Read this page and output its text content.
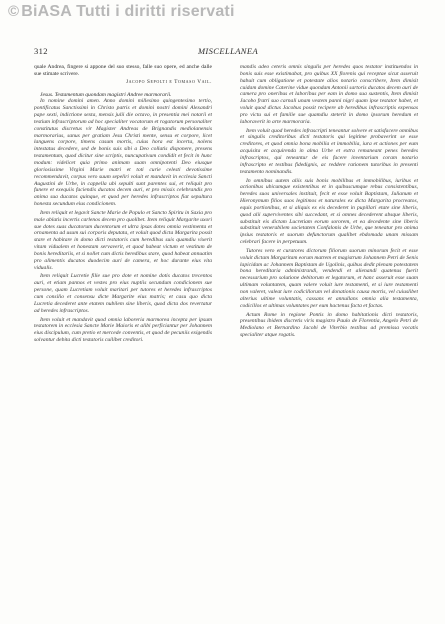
© BiASA Tutti i diritti riservati
312	MISCELLANEA

quale Andrea, fingere si appone del suo stesso, falle suo opere, ed anche dalle sue stimate scrivere.

Jacopo Sepolti e Tomaso Vail.

Jesus. Testamentum quondam magistri Andree marmorarii.

In nomine domini amen. Anno domini millesimo quingentesimo tertio, pontificatus Sanctissimi in Christo patris et domini nostri domini Alexandri pape sexti, indictione sexta, mensis julii die octavo, in presentia mei notarii et testium infrascriptorum ad hoc specialiter vocatorum et rogatorum personaliter constitutus discretus vir Magister Andreas de Brignandis mediolanensis marmorarius, sanus per gratiam Jesu Christi mente, sensu et corpore, licet languens corpore, timens casum mortis, cuius hora est incerta, nolens intestatus decedere, sed de bonis suis sibi a Deo collatis disponere, presens testamentum, quod dicitur sine scriptis, nuncupativum condidit et fecit in hunc modum: videlicet quia primo animam suam omnipotenti Deo eiusque gloriosissime Virgini Marie matri et toti curie celesti devotissime recommendavit, corpus vero suum sepeliri voluit et mandavit in ecclesia Sancti Augustini de Urbe, in cappella ubi sepulti sunt parentes sui, et reliquit pro funere et exequiis faciendis ducatos decem auri, et pro missis celebrandis pro anima sua ducatos quinque, et quod per heredes infrascriptos fiat sepultura honesta secundum eius condicionem.

Item reliquit et legavit Sancte Marie de Populo et Sancto Spiritu in Saxia pro male ablatis incertis carlenos decem pro quolibet. Item reliquit Margarite uxori sue dotes suas ducatorum ducentorum et ultra ipsas dotes omnia vestimenta et ornamenta ad usum sui corporis deputata, et voluit quod dicta Margarita possit stare et habitare in domo dicti testatoris cum heredibus suis quamdiu vixerit vitam vidualem et honestam servaverit, et quod habeat victum et vestitum de bonis hereditariis, et si nollet cum dictis heredibus stare, quod habeat annuatim pro alimentis ducatos duodecim auri de camera, et hoc durante eius vita vidualis.

Item reliquit Lucretie filie sue pro dote et nomine dotis ducatos trecentos auri, et etiam pannos et vestes pro eius nuptiis secundum condicionem sue persone, quam Lucretiam voluit maritari per tutores et heredes infrascriptos cum consilio et consensu dicte Margarite eius matris; et casu quo dicta Lucretia decederet ante etatem nubilem sine liberis, quod dicta dos revertatur ad heredes infrascriptos.

Item voluit et mandavit quod omnia laboreria marmorea incepta per ipsum testatorem in ecclesia Sancte Marie Maioris et alibi perficiantur per Johannem eius discipulum, cum pretio et mercede conventis, et quod de pecuniis exigendis solvantur debita dicti testatoris cuilibet creditori.

mandis adeo ceteris omnis singulis per heredes quos testator instituendos in bonis suis esse existimabat, pro quibus XX florenis qui receptae sicut asseruit habuit cum obligatione et potestate alios notario conscribere, Item dimisit cuidam domine Caterine vidue quondam Antonii sartoris ducatos decem auri de camera pro oneribus et laboribus per eam in domo sua sustentis, Item dimisit Jacobo fratri suo carnali unam vestem panni nigri quam ipse testator habet, et voluit quod dictus Jacobus possit recipere ab heredibus infrascriptis expensas pro victu sui et familie sue quamdiu steterit in domo ipsorum heredum et laboraverit in arte marmoraria.

Item voluit quod heredes infrascripti teneantur solvere et satisfacere omnibus et singulis creditoribus dicti testatoris qui legitime probaverint se esse creditores, et quod omnia bona mobilia et immobilia, iura et actiones per eum acquisita et acquirenda in alma Urbe et extra remaneant penes heredes infrascriptos, qui teneantur de eis facere inventarium coram notario infrascripto et testibus fidedignis, ac reddere rationem tutoribus in presenti testamento nominandis.

In omnibus autem aliis suis bonis mobilibus et immobilibus, iuribus et actionibus ubicumque existentibus et in quibuscumque rebus consistentibus, heredes suos universales instituit, fecit et esse voluit Baptistam, Julianum et Hieronymum filios suos legitimos et naturales ex dicta Margarita procreatos, equis portionibus, et si aliquis ex eis decederet in pupillari etate sine liberis, quod alii superviventes sibi succedant, et si omnes decederent absque liberis, substituit eis dictam Lucretiam eorum sororem, et ea decedente sine liberis substituit venerabilem societatem Confalonis de Urbe, que teneatur pro anima ipsius testatoris et suorum defunctorum qualibet ebdomada unam missam celebrari facere in perpetuum.

Tutores vero et curatores dictorum filiorum suorum minorum fecit et esse voluit dictam Margaritam eorum matrem et magistrum Johannem Petri de Senis lapicidam ac Johannem Baptistam de Ugolinis, quibus dedit plenam potestatem bona hereditaria administrandi, vendendi et alienandi quatenus fuerit necessarium pro solutione debitorum et legatorum, et hanc asseruit esse suam ultimam voluntatem, quam valere voluit iure testamenti, et si iure testamenti non valeret, valeat iure codicillorum vel donationis causa mortis, vel cuiuslibet alterius ultime voluntatis, cassans et annullans omnia alia testamenta, codicillos et ultimas voluntates per eum hactenus facta et factas.

Actum Rome in regione Pontis in domo habitationis dicti testatoris, presentibus ibidem discretis viris magistro Paulo de Florentia, Angelo Petri de Mediolano et Bernardino Jacobi de Viterbio testibus ad premissa vocatis specialiter atque rogatis.
